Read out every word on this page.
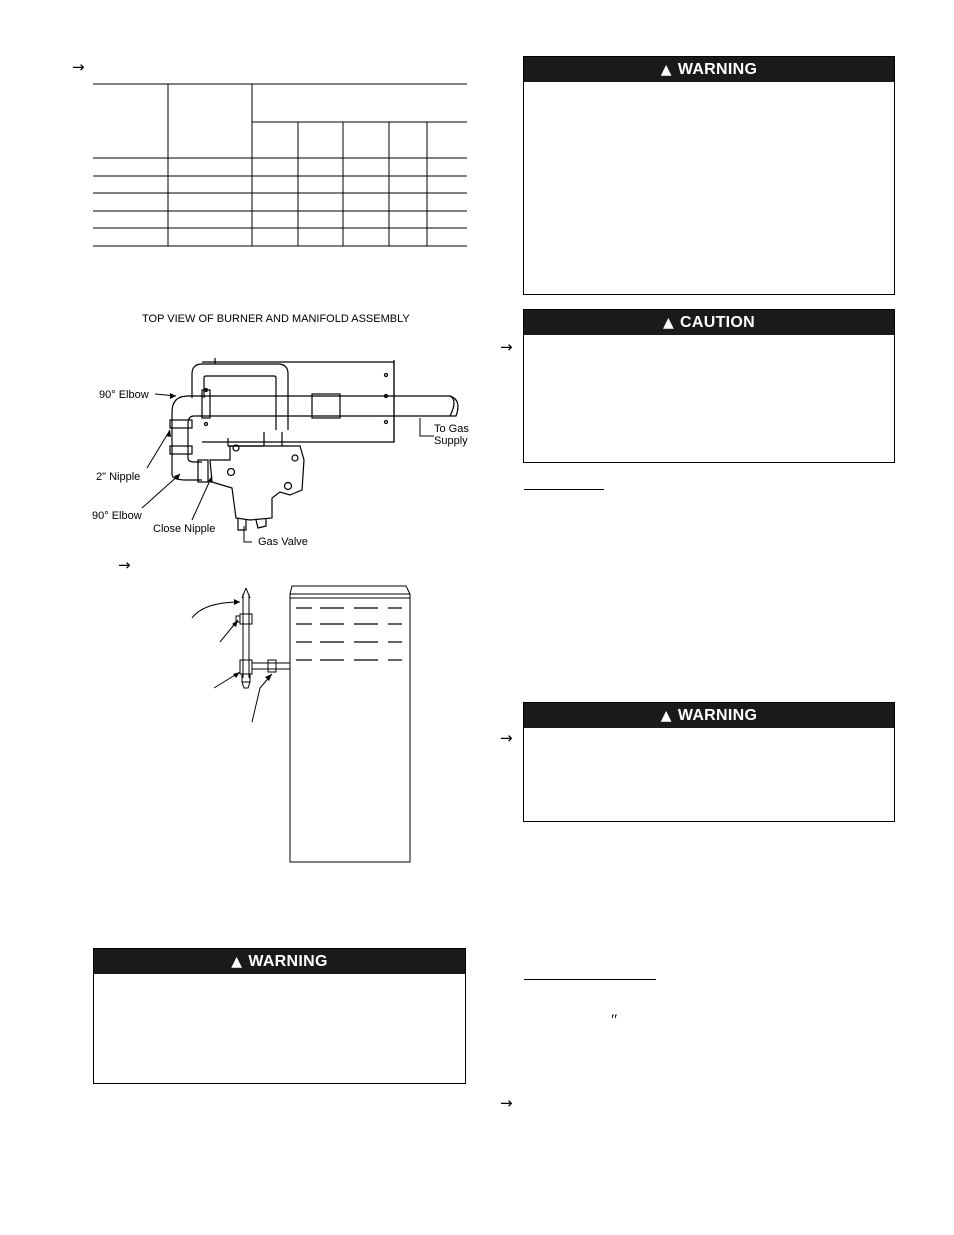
→
TOP VIEW OF BURNER AND MANIFOLD ASSEMBLY
90° Elbow
2" Nipple
90° Elbow
Close Nipple
Gas Valve
To Gas
Supply
→
▲ WARNING
▲ WARNING
→
▲ CAUTION
→
▲ WARNING
″
→
